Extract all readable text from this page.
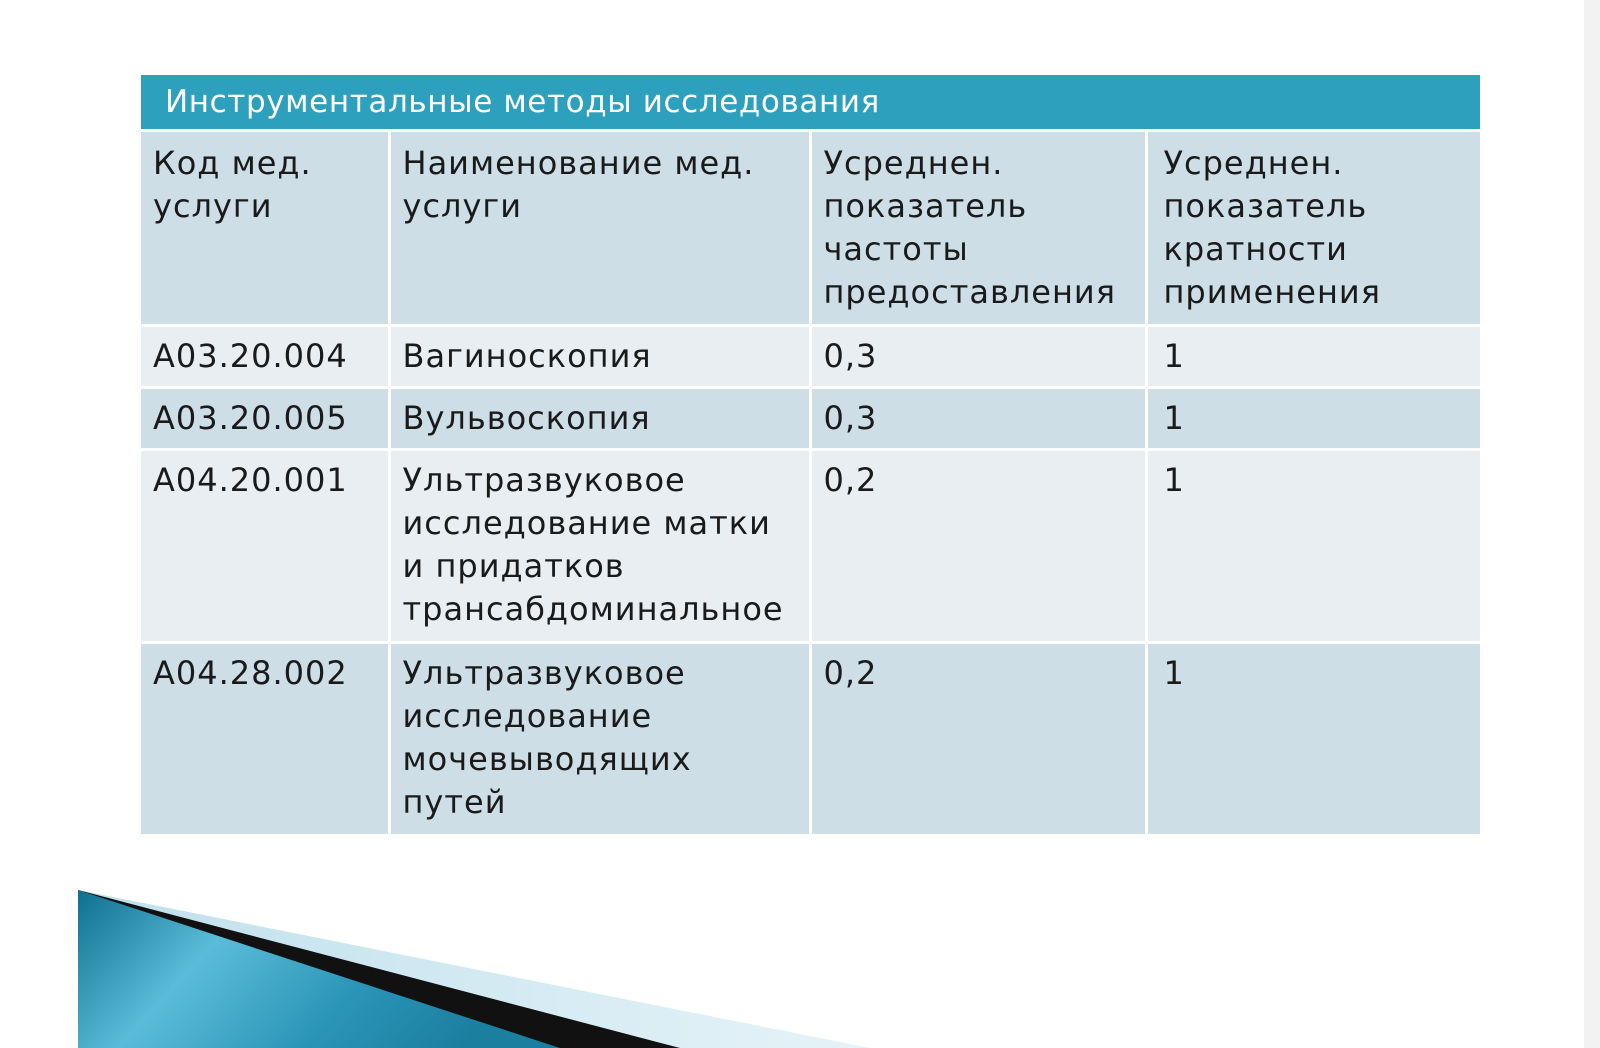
Инструментальные методы исследования			
Код мед. услуги	Наименование мед. услуги	Усреднен. показатель частоты предоставления	Усреднен. показатель кратности применения
А03.20.004	Вагиноскопия	0,3	1
А03.20.005	Вульвоскопия	0,3	1
А04.20.001	Ультразвуковое исследование матки и придатков трансабдоминальное	0,2	1
А04.28.002	Ультразвуковое исследование мочевыводящих путей	0,2	1
